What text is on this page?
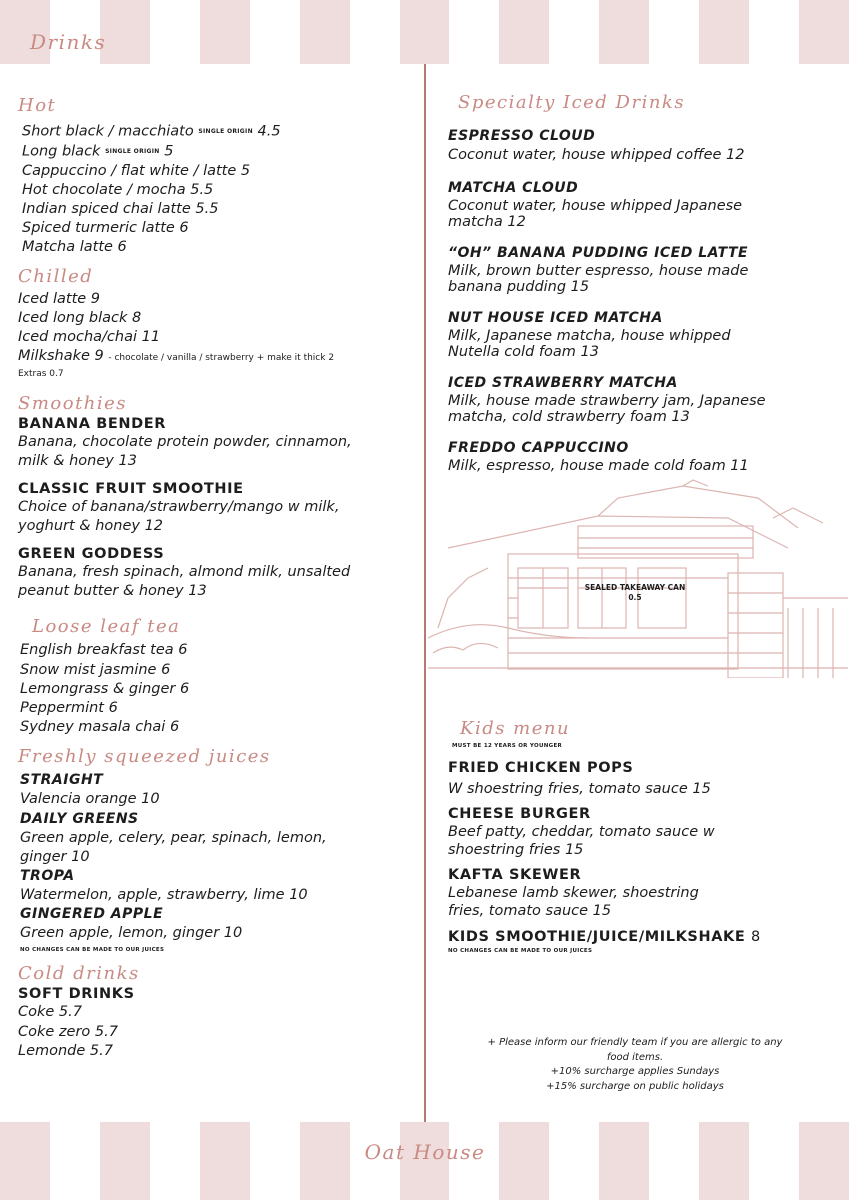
Drinks
Oat House
Hot
Short black / macchiato SINGLE ORIGIN 4.5
Long black SINGLE ORIGIN 5
Cappuccino / flat white / latte 5
Hot chocolate / mocha 5.5
Indian spiced chai latte 5.5
Spiced turmeric latte 6
Matcha latte 6
Chilled
Iced latte 9
Iced long black 8
Iced mocha/chai 11
Milkshake 9 - chocolate / vanilla / strawberry + make it thick 2
Extras 0.7
Smoothies
BANANA BENDER
Banana, chocolate protein powder, cinnamon,
milk & honey 13
CLASSIC FRUIT SMOOTHIE
Choice of banana/strawberry/mango w milk,
yoghurt & honey 12
GREEN GODDESS
Banana, fresh spinach, almond milk, unsalted
peanut butter & honey 13
Loose leaf tea
English breakfast tea 6
Snow mist jasmine 6
Lemongrass & ginger 6
Peppermint 6
Sydney masala chai 6
Freshly squeezed juices
STRAIGHT
Valencia orange 10
DAILY GREENS
Green apple, celery, pear, spinach, lemon,
ginger 10
TROPA
Watermelon, apple, strawberry, lime 10
GINGERED APPLE
Green apple, lemon, ginger 10
NO CHANGES CAN BE MADE TO OUR JUICES
Cold drinks
SOFT DRINKS
Coke 5.7
Coke zero 5.7
Lemonde 5.7
Specialty Iced Drinks
ESPRESSO CLOUD
Coconut water, house whipped coffee 12
MATCHA CLOUD
Coconut water, house whipped Japanese
matcha 12
“OH” BANANA PUDDING ICED LATTE
Milk, brown butter espresso, house made
banana pudding 15
NUT HOUSE ICED MATCHA
Milk, Japanese matcha, house whipped
Nutella cold foam 13
ICED STRAWBERRY MATCHA
Milk, house made strawberry jam, Japanese
matcha, cold strawberry foam 13
FREDDO CAPPUCCINO
Milk, espresso, house made cold foam 11
SEALED TAKEAWAY CAN
0.5
Kids menu
MUST BE 12 YEARS OR YOUNGER
FRIED CHICKEN POPS
W shoestring fries, tomato sauce 15
CHEESE BURGER
Beef patty, cheddar, tomato sauce w
shoestring fries 15
KAFTA SKEWER
Lebanese lamb skewer, shoestring
fries, tomato sauce 15
KIDS SMOOTHIE/JUICE/MILKSHAKE 8
NO CHANGES CAN BE MADE TO OUR JUICES
+ Please inform our friendly team if you are allergic to any
food items.
+10% surcharge applies Sundays
+15% surcharge on public holidays
